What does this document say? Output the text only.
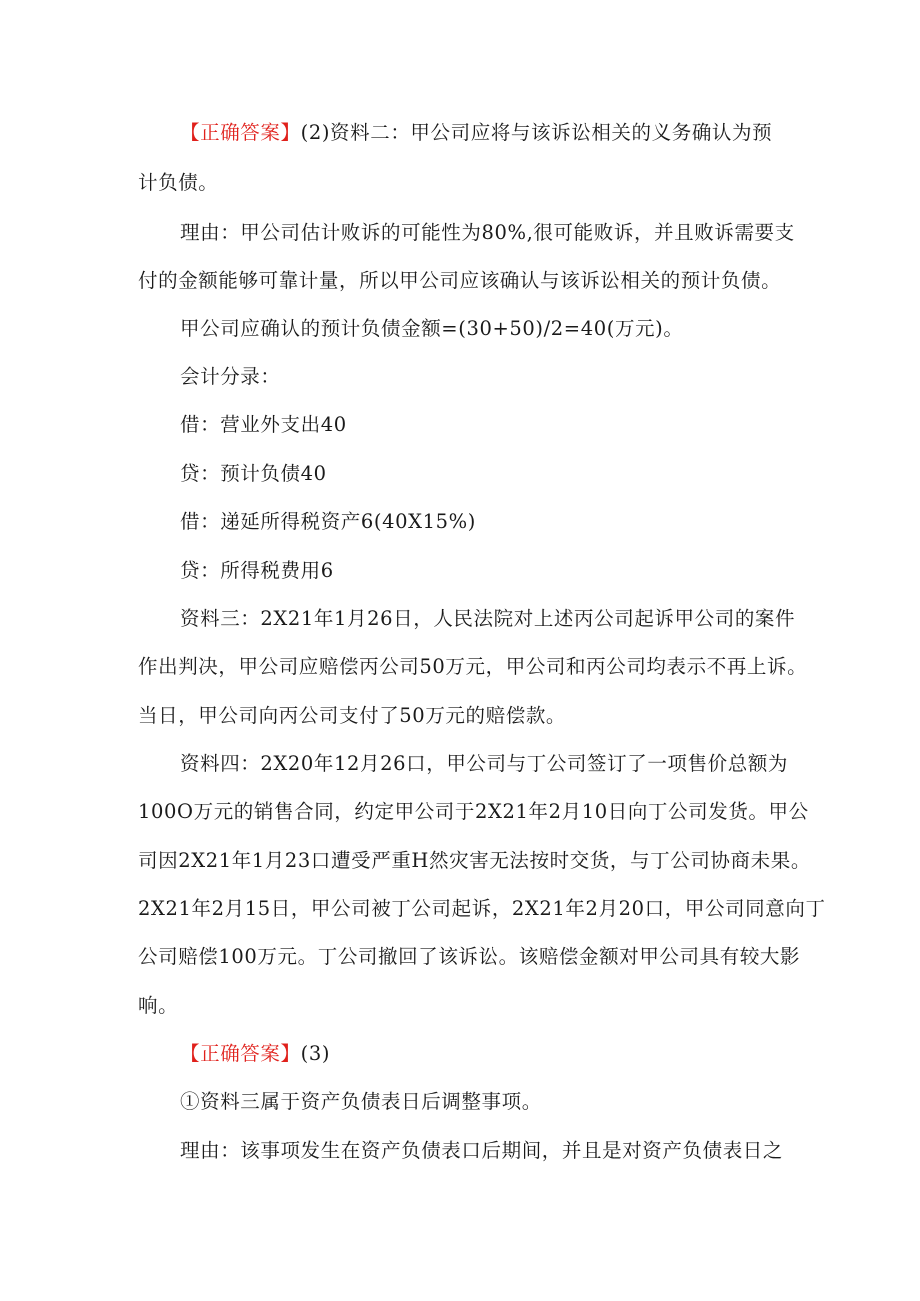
【正确答案】(2)资料二：甲公司应将与该诉讼相关的义务确认为预
计负债。
理由：甲公司估计败诉的可能性为80%,很可能败诉，并且败诉需要支
付的金额能够可靠计量，所以甲公司应该确认与该诉讼相关的预计负债。
甲公司应确认的预计负债金额=(30+50)/2=40(万元)。
会计分录：
借：营业外支出40
贷：预计负债40
借：递延所得税资产6(40X15%)
贷：所得税费用6
资料三：2X21年1月26日，人民法院对上述丙公司起诉甲公司的案件
作出判决，甲公司应赔偿丙公司50万元，甲公司和丙公司均表示不再上诉。
当日，甲公司向丙公司支付了50万元的赔偿款。
资料四：2X20年12月26口，甲公司与丁公司签订了一项售价总额为
100O万元的销售合同，约定甲公司于2X21年2月10日向丁公司发货。甲公
司因2X21年1月23口遭受严重H然灾害无法按时交货，与丁公司协商未果。
2X21年2月15日，甲公司被丁公司起诉，2X21年2月20口，甲公司同意向丁
公司赔偿100万元。丁公司撤回了该诉讼。该赔偿金额对甲公司具有较大影
响。
【正确答案】(3)
①资料三属于资产负债表日后调整事项。
理由：该事项发生在资产负债表口后期间，并且是对资产负债表日之
